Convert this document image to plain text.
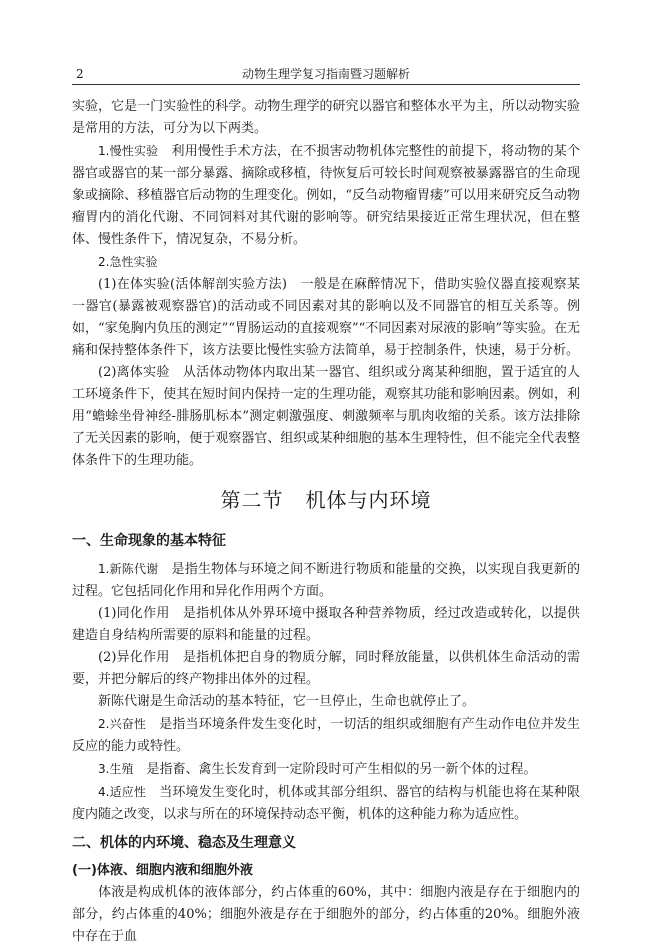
2	动物生理学复习指南暨习题解析

实验，它是一门实验性的科学。动物生理学的研究以器官和整体水平为主，所以动物实验是常用的方法，可分为以下两类。

1.慢性实验 利用慢性手术方法，在不损害动物机体完整性的前提下，将动物的某个器官或器官的某一部分暴露、摘除或移植，待恢复后可较长时间观察被暴露器官的生命现象或摘除、移植器官后动物的生理变化。例如，“反刍动物瘤胃瘘”可以用来研究反刍动物瘤胃内的消化代谢、不同饲料对其代谢的影响等。研究结果接近正常生理状况，但在整体、慢性条件下，情况复杂，不易分析。

2.急性实验

(1)在体实验(活体解剖实验方法)　一般是在麻醉情况下，借助实验仪器直接观察某一器官(暴露被观察器官)的活动或不同因素对其的影响以及不同器官的相互关系等。例如，“家兔胸内负压的测定”“胃肠运动的直接观察”“不同因素对尿液的影响”等实验。在无痛和保持整体条件下，该方法要比慢性实验方法简单，易于控制条件，快速，易于分析。

(2)离体实验　从活体动物体内取出某一器官、组织或分离某种细胞，置于适宜的人工环境条件下，使其在短时间内保持一定的生理功能，观察其功能和影响因素。例如，利用“蟾蜍坐骨神经-腓肠肌标本”测定刺激强度、刺激频率与肌肉收缩的关系。该方法排除了无关因素的影响，便于观察器官、组织或某种细胞的基本生理特性，但不能完全代表整体条件下的生理功能。

第二节 机体与内环境
一、生命现象的基本特征

1.新陈代谢 是指生物体与环境之间不断进行物质和能量的交换，以实现自我更新的过程。它包括同化作用和异化作用两个方面。

(1)同化作用　是指机体从外界环境中摄取各种营养物质，经过改造或转化，以提供建造自身结构所需要的原料和能量的过程。

(2)异化作用　是指机体把自身的物质分解，同时释放能量，以供机体生命活动的需要，并把分解后的终产物排出体外的过程。

新陈代谢是生命活动的基本特征，它一旦停止，生命也就停止了。

2.兴奋性 是指当环境条件发生变化时，一切活的组织或细胞有产生动作电位并发生反应的能力或特性。

3.生殖 是指畜、禽生长发育到一定阶段时可产生相似的另一新个体的过程。

4.适应性 当环境发生变化时，机体或其部分组织、器官的结构与机能也将在某种限度内随之改变，以求与所在的环境保持动态平衡，机体的这种能力称为适应性。

二、机体的内环境、稳态及生理意义
(一)体液、细胞内液和细胞外液

体液是构成机体的液体部分，约占体重的60%，其中：细胞内液是存在于细胞内的部分，约占体重的40%；细胞外液是存在于细胞外的部分，约占体重的20%。细胞外液中存在于血
